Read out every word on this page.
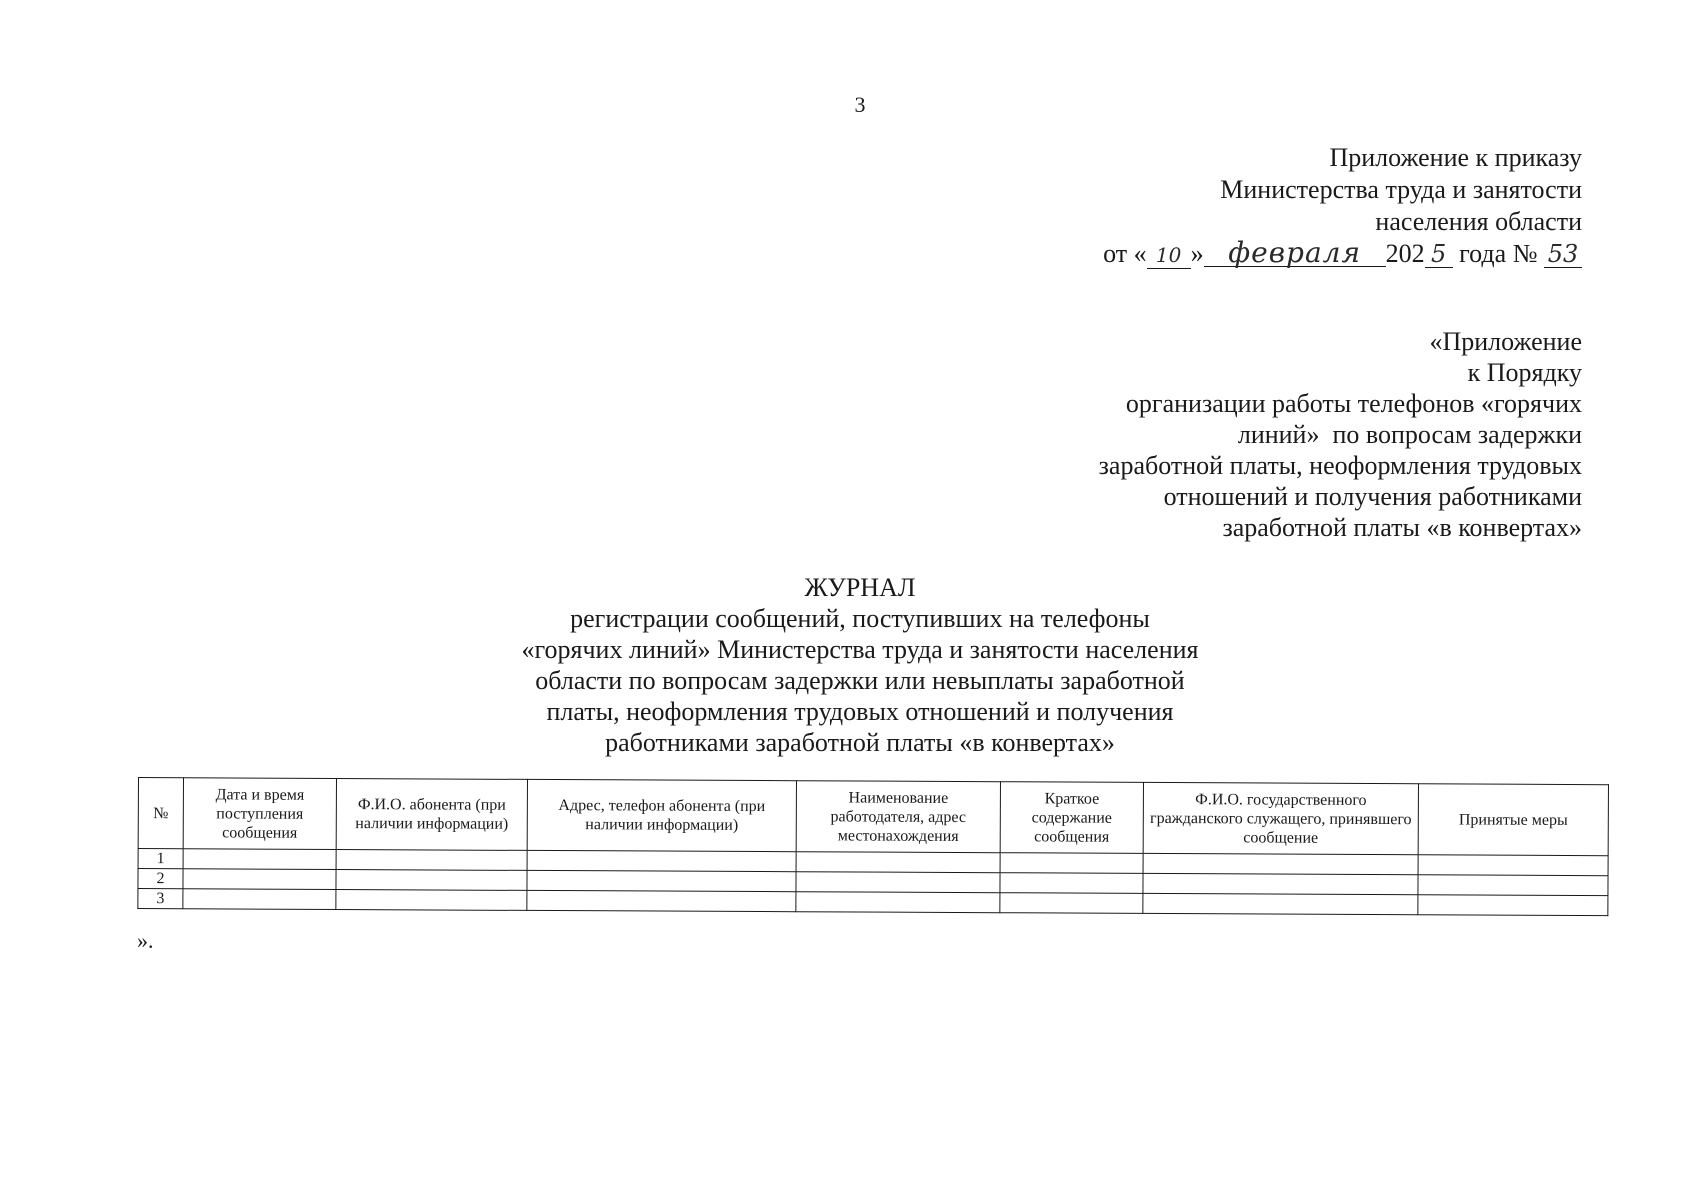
3
Приложение к приказу
Министерства труда и занятости
населения области
от « 10 » февраля 202 5 года № 53
«Приложение
к Порядку
организации работы телефонов «горячих
линий»  по вопросам задержки
заработной платы, неоформления трудовых
отношений и получения работниками
заработной платы «в конвертах»
ЖУРНАЛ
регистрации сообщений, поступивших на телефоны
«горячих линий» Министерства труда и занятости населения
области по вопросам задержки или невыплаты заработной
платы, неоформления трудовых отношений и получения
работниками заработной платы «в конвертах»
№	Дата и время поступления сообщения	Ф.И.О. абонента (при наличии информации)	Адрес, телефон абонента (при наличии информации)	Наименование работодателя, адрес местонахождения	Краткое содержание сообщения	Ф.И.О. государственного гражданского служащего, принявшего сообщение	Принятые меры
1							
2							
3							
».
